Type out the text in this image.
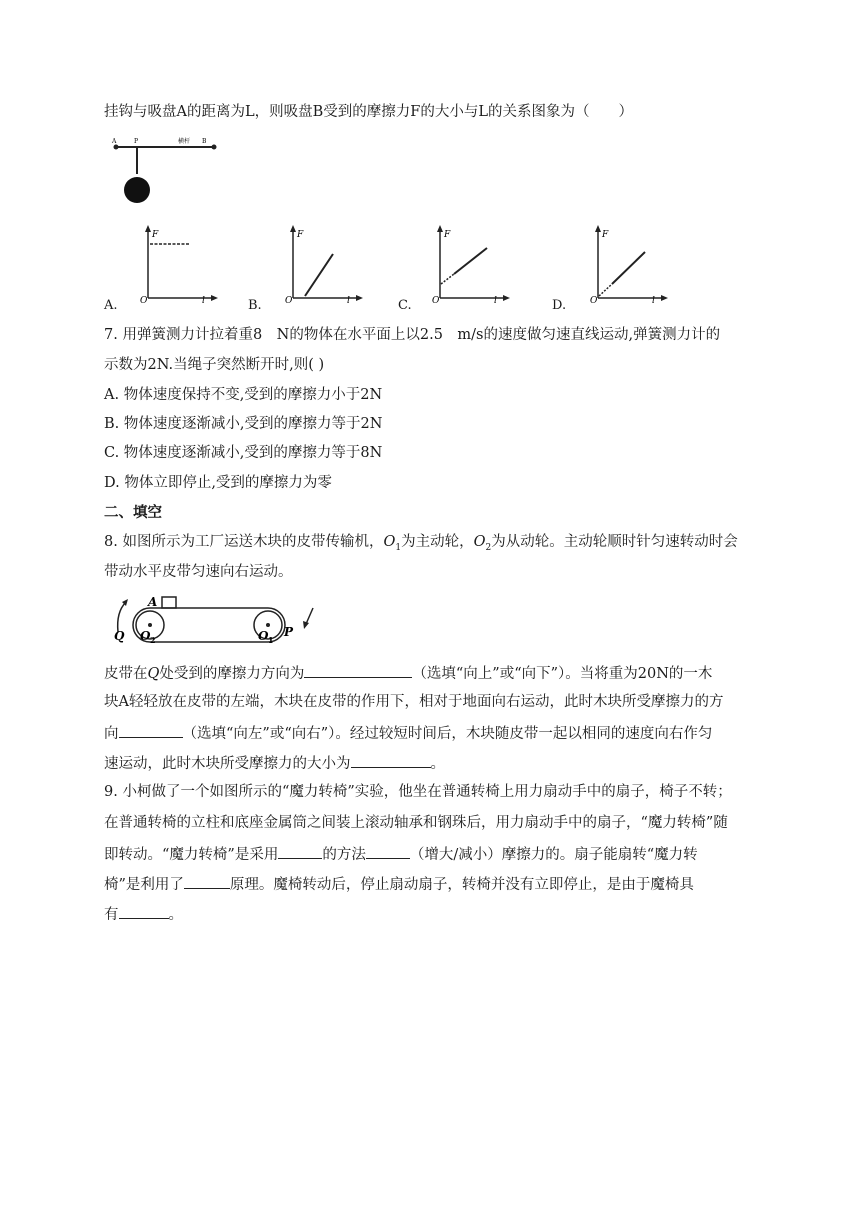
挂钩与吸盘A的距离为L，则吸盘B受到的摩擦力F的大小与L的关系图象为（　　）
A	P	横杆 B
A.
F
O	l	B.
F
O	l	C.
F
O	l	D.
F
O	l
7. 用弹簧测力计拉着重8　N的物体在水平面上以2.5　m/s的速度做匀速直线运动,弹簧测力计的
示数为2N.当绳子突然断开时,则( )
A. 物体速度保持不变,受到的摩擦力小于2N
B. 物体速度逐渐减小,受到的摩擦力等于2N
C. 物体速度逐渐减小,受到的摩擦力等于8N
D. 物体立即停止,受到的摩擦力为零
二、填空
8. 如图所示为工厂运送木块的皮带传输机，$O_1$为主动轮，$O_2$为从动轮。主动轮顺时针匀速转动时会
带动水平皮带匀速向右运动。
A
Q O 2	O 1
P
皮带在Q处受到的摩擦力方向为	（选填“向上”或“向下”）。当将重为20N的一木
块A轻轻放在皮带的左端，木块在皮带的作用下，相对于地面向右运动，此时木块所受摩擦力的方
向	（选填“向左”或“向右”）。经过较短时间后，木块随皮带一起以相同的速度向右作匀
速运动，此时木块所受摩擦力的大小为	。
9. 小柯做了一个如图所示的“魔力转椅”实验，他坐在普通转椅上用力扇动手中的扇子，椅子不转；
在普通转椅的立柱和底座金属筒之间装上滚动轴承和钢珠后，用力扇动手中的扇子，“魔力转椅”随
即转动。“魔力转椅”是采用	的方法	（增大/减小）摩擦力的。扇子能扇转“魔力转
椅”是利用了	原理。魔椅转动后，停止扇动扇子，转椅并没有立即停止，是由于魔椅具
有	。
